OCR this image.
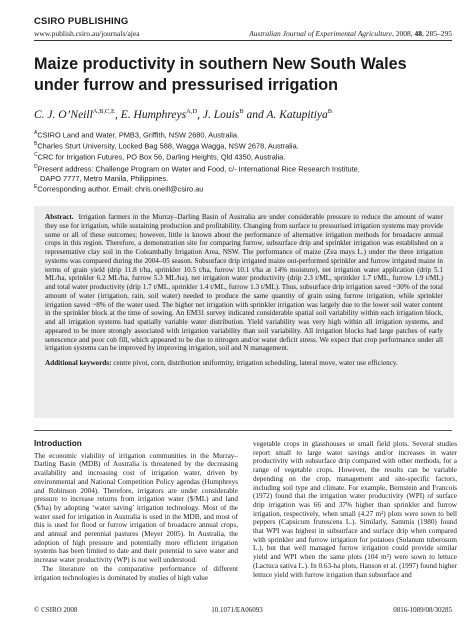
CSIRO PUBLISHING
www.publish.csiro.au/journals/ajea	Australian Journal of Experimental Agriculture, 2008, 48, 285–295
Maize productivity in southern New South Wales under furrow and pressurised irrigation
C. J. O’Neill$^{A,B,C,E}$, E. Humphreys$^{A,D}$, J. Louis$^B$ and A. Katupitiya$^B$

$^A$CSIRO Land and Water, PMB3, Griffith, NSW 2680, Australia.

$^B$Charles Sturt University, Locked Bag 588, Wagga Wagga, NSW 2678, Australia.

$^C$CRC for Irrigation Futures, PO Box 56, Darling Heights, Qld 4350, Australia.

$^D$Present address: Challenge Program on Water and Food, c/- International Rice Research Institute,

DAPO 7777, Metro Manila, Philippines.

$^E$Corresponding author. Email: chris.oneill@csiro.au

Abstract. Irrigation farmers in the Murray–Darling Basin of Australia are under considerable pressure to reduce the amount of water they use for irrigation, while sustaining production and profitability. Changing from surface to pressurised irrigation systems may provide some or all of these outcomes; however, little is known about the performance of alternative irrigation methods for broadacre annual crops in this region. Therefore, a demonstration site for comparing furrow, subsurface drip and sprinkler irrigation was established on a representative clay soil in the Coleambally Irrigation Area, NSW. The performance of maize (Zea mays L.) under the three irrigation systems was compared during the 2004–05 season. Subsurface drip irrigated maize out-performed sprinkler and furrow irrigated maize in terms of grain yield (drip 11.8 t/ha, sprinkler 10.5 t/ha, furrow 10.1 t/ha at 14% moisture), net irrigation water application (drip 5.1 ML/ha, sprinkler 6.2 ML/ha, furrow 5.3 ML/ha), net irrigation water productivity (drip 2.3 t/ML, sprinkler 1.7 t/ML, furrow 1.9 t/ML) and total water productivity (drip 1.7 t/ML, sprinkler 1.4 t/ML, furrow 1.3 t/ML). Thus, subsurface drip irrigation saved ~30% of the total amount of water (irrigation, rain, soil water) needed to produce the same quantity of grain using furrow irrigation, while sprinkler irrigation saved ~8% of the water used. The higher net irrigation with sprinkler irrigation was largely due to the lower soil water content in the sprinkler block at the time of sowing. An EM31 survey indicated considerable spatial soil variability within each irrigation block, and all irrigation systems had spatially variable water distribution. Yield variability was very high within all irrigation systems, and appeared to be more strongly associated with irrigation variability than soil variability. All irrigation blocks had large patches of early senescence and poor cob fill, which appeared to be due to nitrogen and/or water deficit stress. We expect that crop performance under all irrigation systems can be improved by improving irrigation, soil and N management.

Additional keywords: centre pivot, corn, distribution uniformity, irrigation scheduling, lateral move, water use efficiency.

Introduction

The economic viability of irrigation communities in the Murray–Darling Basin (MDB) of Australia is threatened by the decreasing availability and increasing cost of irrigation water, driven by environmental and National Competition Policy agendas (Humphreys and Robinson 2004). Therefore, irrigators are under considerable pressure to increase returns from irrigation water ($/ML) and land ($/ha) by adopting ‘water saving’ irrigation technology. Most of the water used for irrigation in Australia is used in the MDB, and most of this is used for flood or furrow irrigation of broadacre annual crops, and annual and perennial pastures (Meyer 2005). In Australia, the adoption of high pressure and potentially more efficient irrigation systems has been limited to date and their potential to save water and increase water productivity (WP) is not well understood.

The literature on the comparative performance of different irrigation technologies is dominated by studies of high value

vegetable crops in glasshouses or small field plots. Several studies report small to large water savings and/or increases in water productivity with subsurface drip compared with other methods, for a range of vegetable crops. However, the results can be variable depending on the crop, management and site-specific factors, including soil type and climate. For example, Bernstein and Francois (1972) found that the irrigation water productivity (WPI) of surface drip irrigation was 66 and 37% higher than sprinkler and furrow irrigation, respectively, when small (4.27 m²) plots were sown to bell peppers (Capsicum frutescens L.). Similarly, Sammis (1980) found that WPI was highest in subsurface and surface drip when compared with sprinkler and furrow irrigation for potatoes (Solanum tuberosum L.), but that well managed furrow irrigation could provide similar yield and WPI when the same plots (104 m²) were sown to lettuce (Lactuca sativa L.). In 0.63-ha plots, Hanson et al. (1997) found higher lettuce yield with furrow irrigation than subsurface and

© CSIRO 2008	10.1071/EA06093	0816-1089/08/30285
